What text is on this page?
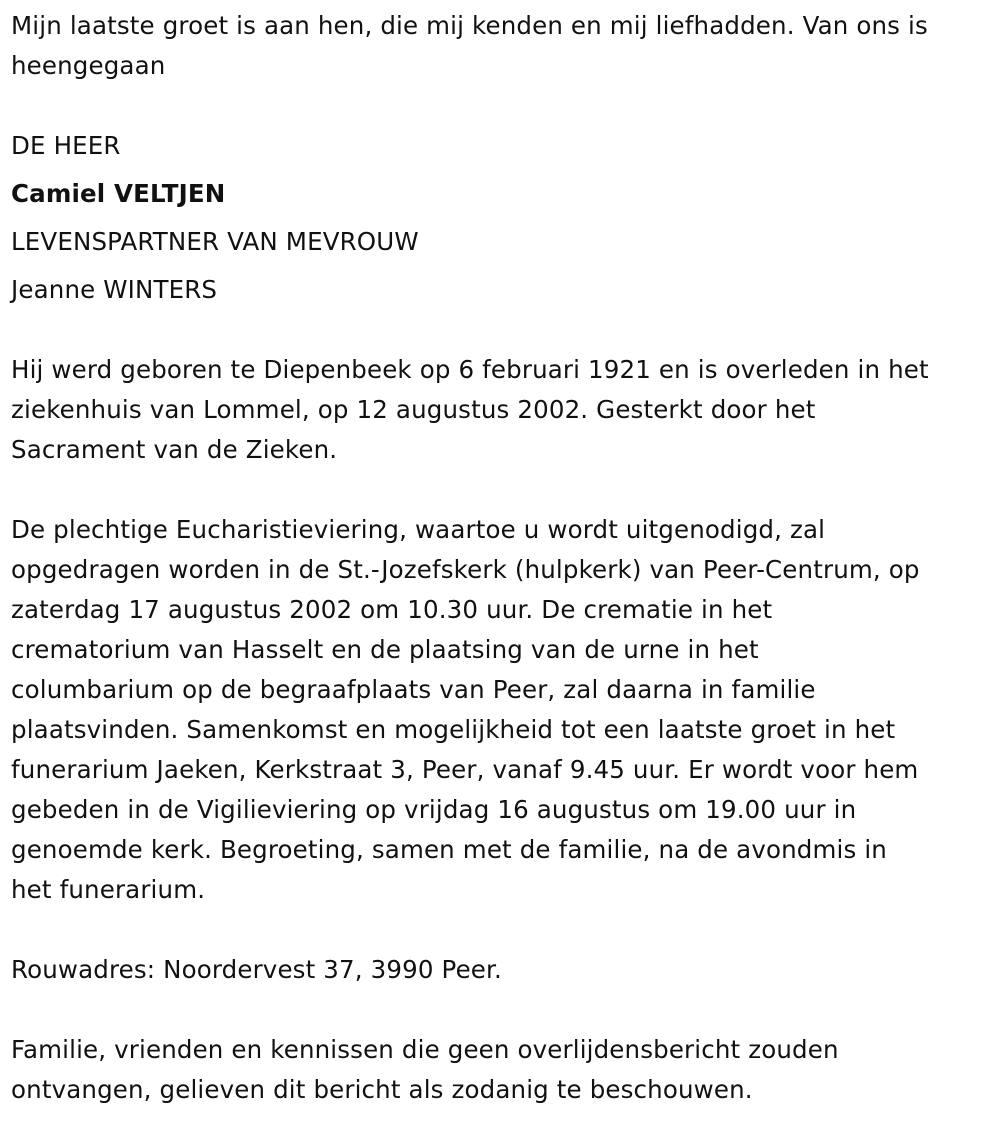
Mijn laatste groet is aan hen, die mij kenden en mij liefhadden. Van ons is
heengegaan

DE HEER
Camiel VELTJEN
LEVENSPARTNER VAN MEVROUW
Jeanne WINTERS

Hij werd geboren te Diepenbeek op 6 februari 1921 en is overleden in het
ziekenhuis van Lommel, op 12 augustus 2002. Gesterkt door het
Sacrament van de Zieken.

De plechtige Eucharistieviering, waartoe u wordt uitgenodigd, zal
opgedragen worden in de St.-Jozefskerk (hulpkerk) van Peer-Centrum, op
zaterdag 17 augustus 2002 om 10.30 uur. De crematie in het
crematorium van Hasselt en de plaatsing van de urne in het
columbarium op de begraafplaats van Peer, zal daarna in familie
plaatsvinden. Samenkomst en mogelijkheid tot een laatste groet in het
funerarium Jaeken, Kerkstraat 3, Peer, vanaf 9.45 uur. Er wordt voor hem
gebeden in de Vigilieviering op vrijdag 16 augustus om 19.00 uur in
genoemde kerk. Begroeting, samen met de familie, na de avondmis in
het funerarium.

Rouwadres: Noordervest 37, 3990 Peer.

Familie, vrienden en kennissen die geen overlijdensbericht zouden
ontvangen, gelieven dit bericht als zodanig te beschouwen.
